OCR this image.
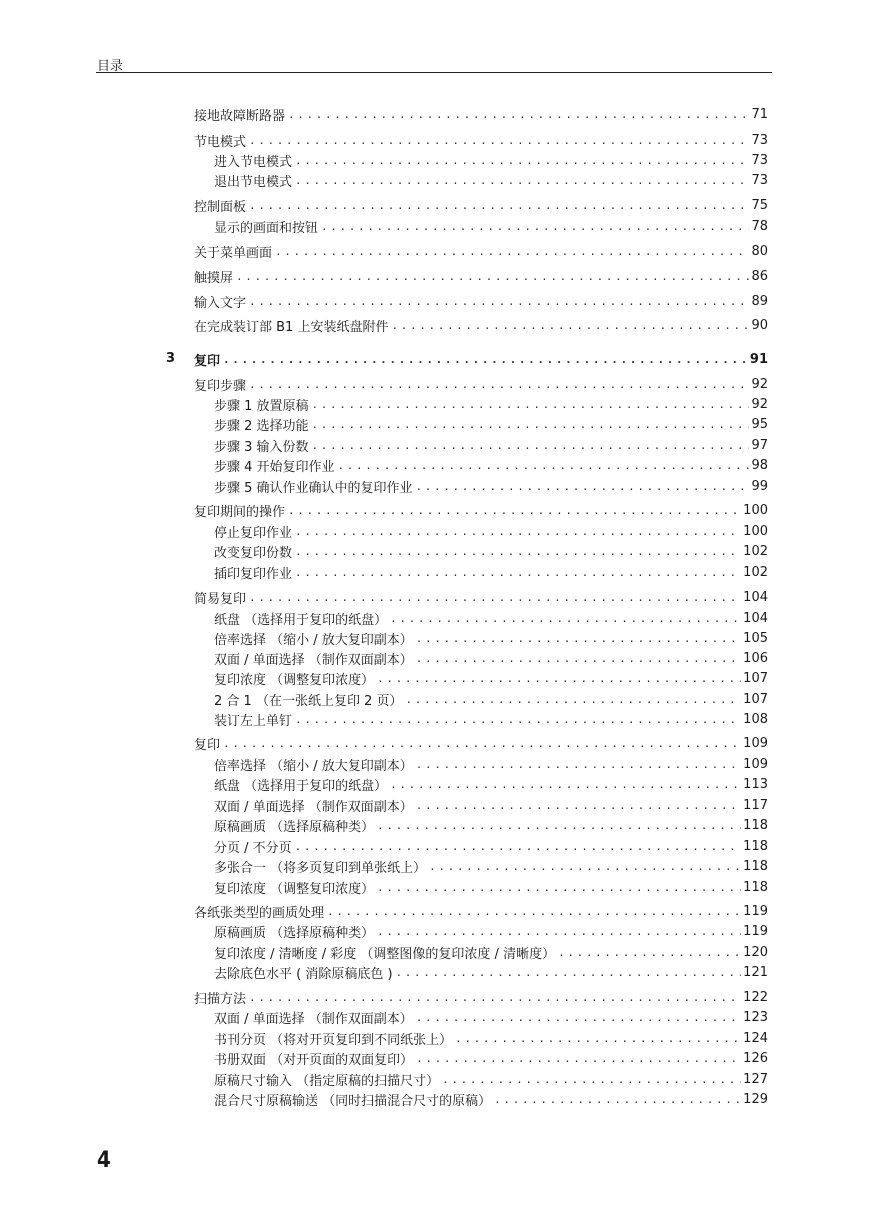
目录
接地故障断路器 . . .	71
节电模式 . . .	73
进入节电模式 . . .	73
退出节电模式 . . .	73
控制面板 . . .	75
显示的画面和按钮 . . .	78
关于菜单画面 . . .	80
触摸屏 . . .	86
输入文字 . . .	89
在完成装订部 B1 上安装纸盘附件 . . .	90
3 复印 . . .	91
复印步骤 . . .	92
步骤 1 放置原稿 . . .	92
步骤 2 选择功能 . . .	95
步骤 3 输入份数 . . .	97
步骤 4 开始复印作业 . . .	98
步骤 5 确认作业确认中的复印作业 . . .	99
复印期间的操作 . . .	100
停止复印作业 . . .	100
改变复印份数 . . .	102
插印复印作业 . . .	102
简易复印 . . .	104
纸盘 （选择用于复印的纸盘） . . .	104
倍率选择 （缩小 / 放大复印副本） . . .	105
双面 / 单面选择 （制作双面副本） . . .	106
复印浓度 （调整复印浓度） . . .	107
2 合 1 （在一张纸上复印 2 页） . . .	107
装订左上单钉 . . .	108
复印 . . .	109
倍率选择 （缩小 / 放大复印副本） . . .	109
纸盘 （选择用于复印的纸盘） . . .	113
双面 / 单面选择 （制作双面副本） . . .	117
原稿画质 （选择原稿种类） . . .	118
分页 / 不分页 . . .	118
多张合一 （将多页复印到单张纸上） . . .	118
复印浓度 （调整复印浓度） . . .	118
各纸张类型的画质处理 . . .	119
原稿画质 （选择原稿种类） . . .	119
复印浓度 / 清晰度 / 彩度 （调整图像的复印浓度 / 清晰度） . . .	120
去除底色水平 ( 消除原稿底色 ) . . .	121
扫描方法 . . .	122
双面 / 单面选择 （制作双面副本） . . .	123
书刊分页 （将对开页复印到不同纸张上） . . .	124
书册双面 （对开页面的双面复印） . . .	126
原稿尺寸输入 （指定原稿的扫描尺寸） . . .	127
混合尺寸原稿输送 （同时扫描混合尺寸的原稿） . . .	129
4
